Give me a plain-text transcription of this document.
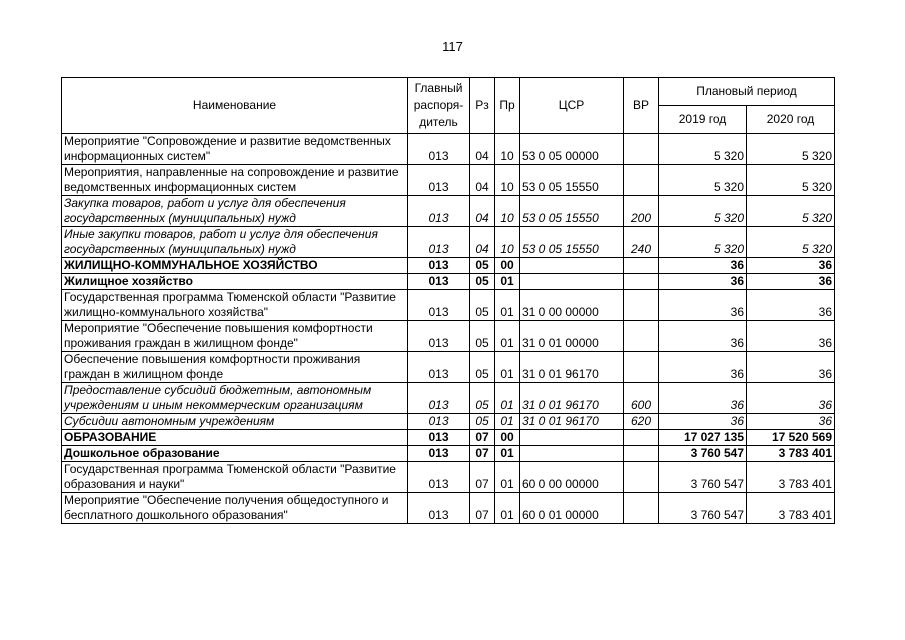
117
Наименование	Главный
распоря-
дитель	Рз	Пр	ЦСР	ВР	Плановый период	
						2019 год	2020 год
Мероприятие "Сопровождение и развитие ведомственных информационных систем"	013	04	10	53 0 05 00000		5 320	5 320
Мероприятия, направленные на сопровождение и развитие ведомственных информационных систем	013	04	10	53 0 05 15550		5 320	5 320
Закупка товаров, работ и услуг для обеспечения государственных (муниципальных) нужд	013	04	10	53 0 05 15550	200	5 320	5 320
Иные закупки товаров, работ и услуг для обеспечения государственных (муниципальных) нужд	013	04	10	53 0 05 15550	240	5 320	5 320
ЖИЛИЩНО-КОММУНАЛЬНОЕ ХОЗЯЙСТВО	013	05	00			36	36
Жилищное хозяйство	013	05	01			36	36
Государственная программа Тюменской области "Развитие жилищно-коммунального хозяйства"	013	05	01	31 0 00 00000		36	36
Мероприятие "Обеспечение повышения комфортности проживания граждан в жилищном фонде"	013	05	01	31 0 01 00000		36	36
Обеспечение повышения комфортности проживания граждан в жилищном фонде	013	05	01	31 0 01 96170		36	36
Предоставление субсидий бюджетным, автономным учреждениям и иным некоммерческим организациям	013	05	01	31 0 01 96170	600	36	36
Субсидии автономным учреждениям	013	05	01	31 0 01 96170	620	36	36
ОБРАЗОВАНИЕ	013	07	00			17 027 135	17 520 569
Дошкольное образование	013	07	01			3 760 547	3 783 401
Государственная программа Тюменской области "Развитие образования и науки"	013	07	01	60 0 00 00000		3 760 547	3 783 401
Мероприятие "Обеспечение получения общедоступного и бесплатного дошкольного образования"	013	07	01	60 0 01 00000		3 760 547	3 783 401
